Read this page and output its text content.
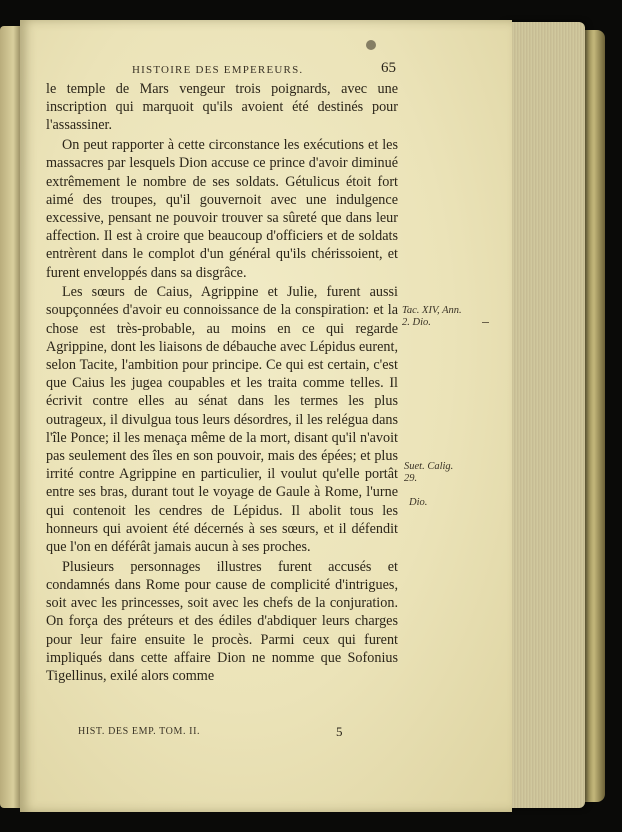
HISTOIRE DES EMPEREURS.	65

le temple de Mars vengeur trois poignards, avec une inscription qui marquoit qu'ils avoient été destinés pour l'assassiner.

On peut rapporter à cette circonstance les exécutions et les massacres par lesquels Dion accuse ce prince d'avoir diminué extrêmement le nombre de ses soldats. Gétulicus étoit fort aimé des troupes, qu'il gouvernoit avec une indulgence excessive, pensant ne pouvoir trouver sa sûreté que dans leur affection. Il est à croire que beaucoup d'officiers et de soldats entrèrent dans le complot d'un général qu'ils chérissoient, et furent enveloppés dans sa disgrâce.

Les sœurs de Caius, Agrippine et Julie, furent aussi soupçonnées d'avoir eu connoissance de la conspiration: et la chose est très-probable, au moins en ce qui regarde Agrippine, dont les liaisons de débauche avec Lépidus eurent, selon Tacite, l'ambition pour principe. Ce qui est certain, c'est que Caius les jugea coupables et les traita comme telles. Il écrivit contre elles au sénat dans les termes les plus outrageux, il divulgua tous leurs désordres, il les relégua dans l'île Ponce; il les menaça même de la mort, disant qu'il n'avoit pas seulement des îles en son pouvoir, mais des épées; et plus irrité contre Agrippine en particulier, il voulut qu'elle portât entre ses bras, durant tout le voyage de Gaule à Rome, l'urne qui contenoit les cendres de Lépidus. Il abolit tous les honneurs qui avoient été décernés à ses sœurs, et il défendit que l'on en déférât jamais aucun à ses proches.

Plusieurs personnages illustres furent accusés et condamnés dans Rome pour cause de complicité d'intrigues, soit avec les princesses, soit avec les chefs de la conjuration. On força des préteurs et des édiles d'abdiquer leurs charges pour leur faire ensuite le procès. Parmi ceux qui furent impliqués dans cette affaire Dion ne nomme que Sofonius Tigellinus, exilé alors comme

Tac. XIV, Ann. 2. Dio.
Suet. Calig. 29.
Dio.
HIST. DES EMP. TOM. II.	5
